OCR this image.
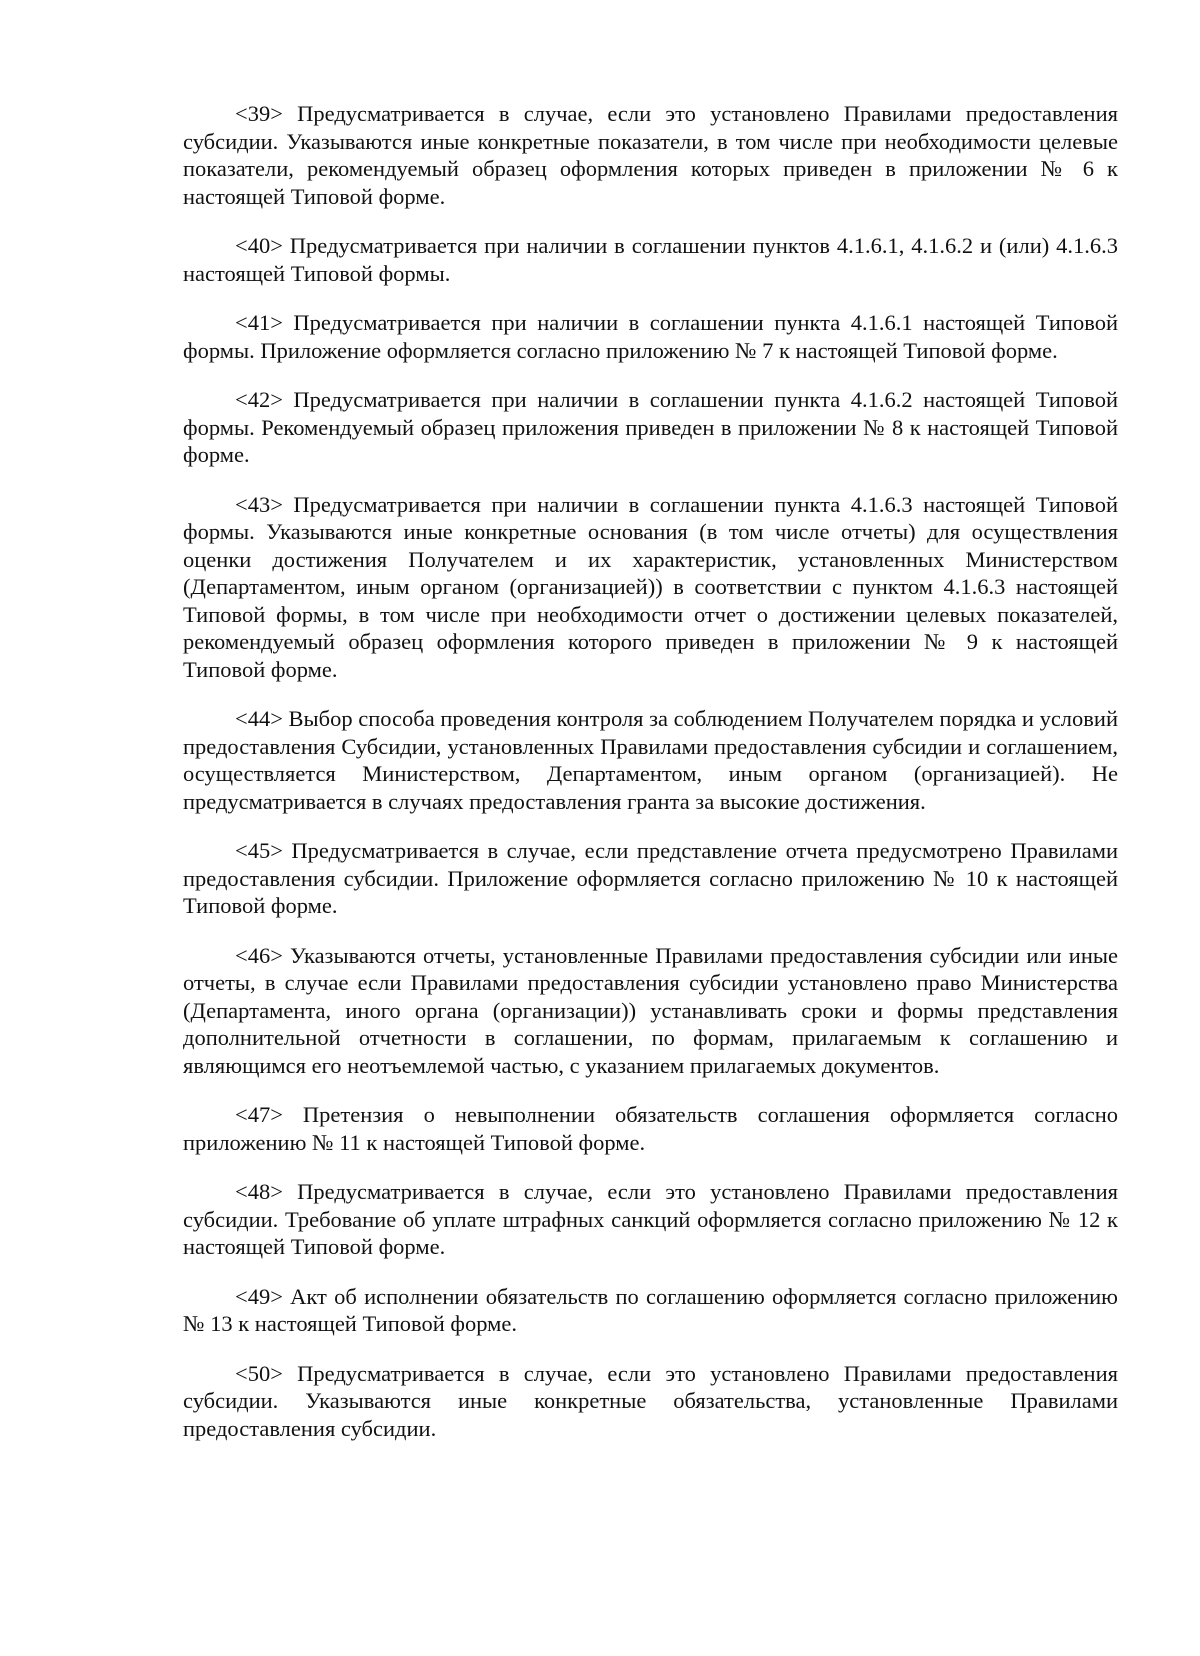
<39> Предусматривается в случае, если это установлено Правилами предоставления субсидии. Указываются иные конкретные показатели, в том числе при необходимости целевые показатели, рекомендуемый образец оформления которых приведен в приложении № 6 к настоящей Типовой форме.

<40> Предусматривается при наличии в соглашении пунктов 4.1.6.1, 4.1.6.2 и (или) 4.1.6.3 настоящей Типовой формы.

<41> Предусматривается при наличии в соглашении пункта 4.1.6.1 настоящей Типовой формы. Приложение оформляется согласно приложению № 7 к настоящей Типовой форме.

<42> Предусматривается при наличии в соглашении пункта 4.1.6.2 настоящей Типовой формы. Рекомендуемый образец приложения приведен в приложении № 8 к настоящей Типовой форме.

<43> Предусматривается при наличии в соглашении пункта 4.1.6.3 настоящей Типовой формы. Указываются иные конкретные основания (в том числе отчеты) для осуществления оценки достижения Получателем и их характеристик, установленных Министерством (Департаментом, иным органом (организацией)) в соответствии с пунктом 4.1.6.3 настоящей Типовой формы, в том числе при необходимости отчет о достижении целевых показателей, рекомендуемый образец оформления которого приведен в приложении № 9 к настоящей Типовой форме.

<44> Выбор способа проведения контроля за соблюдением Получателем порядка и условий предоставления Субсидии, установленных Правилами предоставления субсидии и соглашением, осуществляется Министерством, Департаментом, иным органом (организацией). Не предусматривается в случаях предоставления гранта за высокие достижения.

<45> Предусматривается в случае, если представление отчета предусмотрено Правилами предоставления субсидии. Приложение оформляется согласно приложению № 10 к настоящей Типовой форме.

<46> Указываются отчеты, установленные Правилами предоставления субсидии или иные отчеты, в случае если Правилами предоставления субсидии установлено право Министерства (Департамента, иного органа (организации)) устанавливать сроки и формы представления дополнительной отчетности в соглашении, по формам, прилагаемым к соглашению и являющимся его неотъемлемой частью, с указанием прилагаемых документов.

<47> Претензия о невыполнении обязательств соглашения оформляется согласно приложению № 11 к настоящей Типовой форме.

<48> Предусматривается в случае, если это установлено Правилами предоставления субсидии. Требование об уплате штрафных санкций оформляется согласно приложению № 12 к настоящей Типовой форме.

<49> Акт об исполнении обязательств по соглашению оформляется согласно приложению № 13 к настоящей Типовой форме.

<50> Предусматривается в случае, если это установлено Правилами предоставления субсидии. Указываются иные конкретные обязательства, установленные Правилами предоставления субсидии.
